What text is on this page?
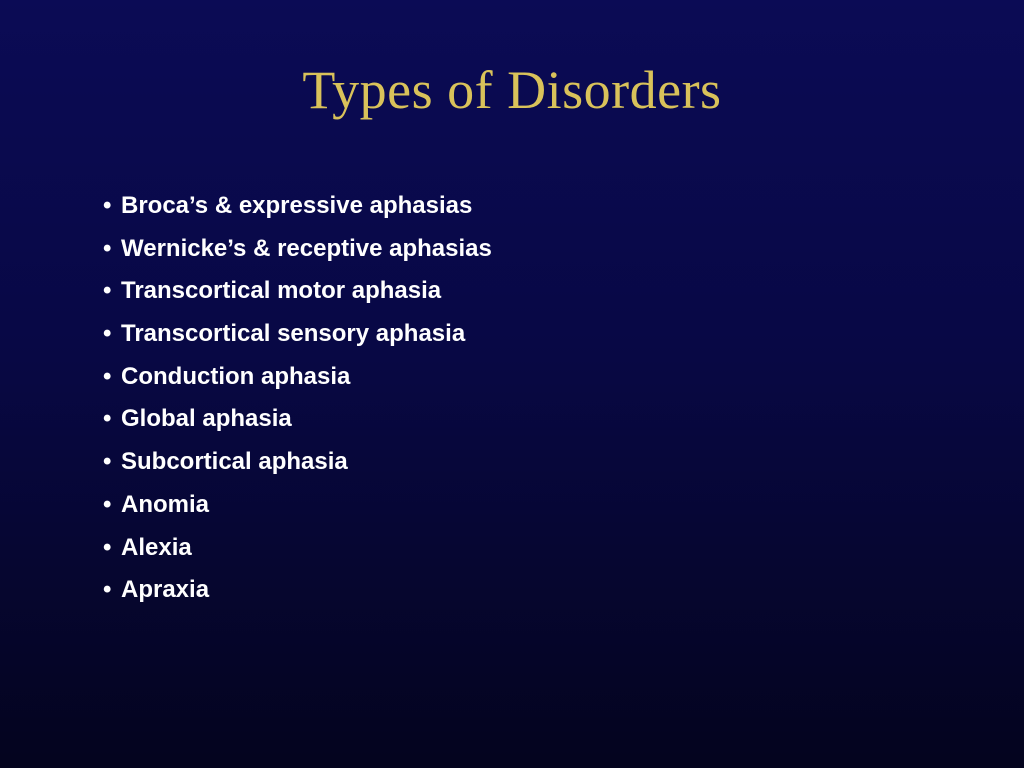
Types of Disorders
• Broca’s & expressive aphasias
• Wernicke’s & receptive aphasias
• Transcortical motor aphasia
• Transcortical sensory aphasia
• Conduction aphasia
• Global aphasia
• Subcortical aphasia
• Anomia
• Alexia
• Apraxia
